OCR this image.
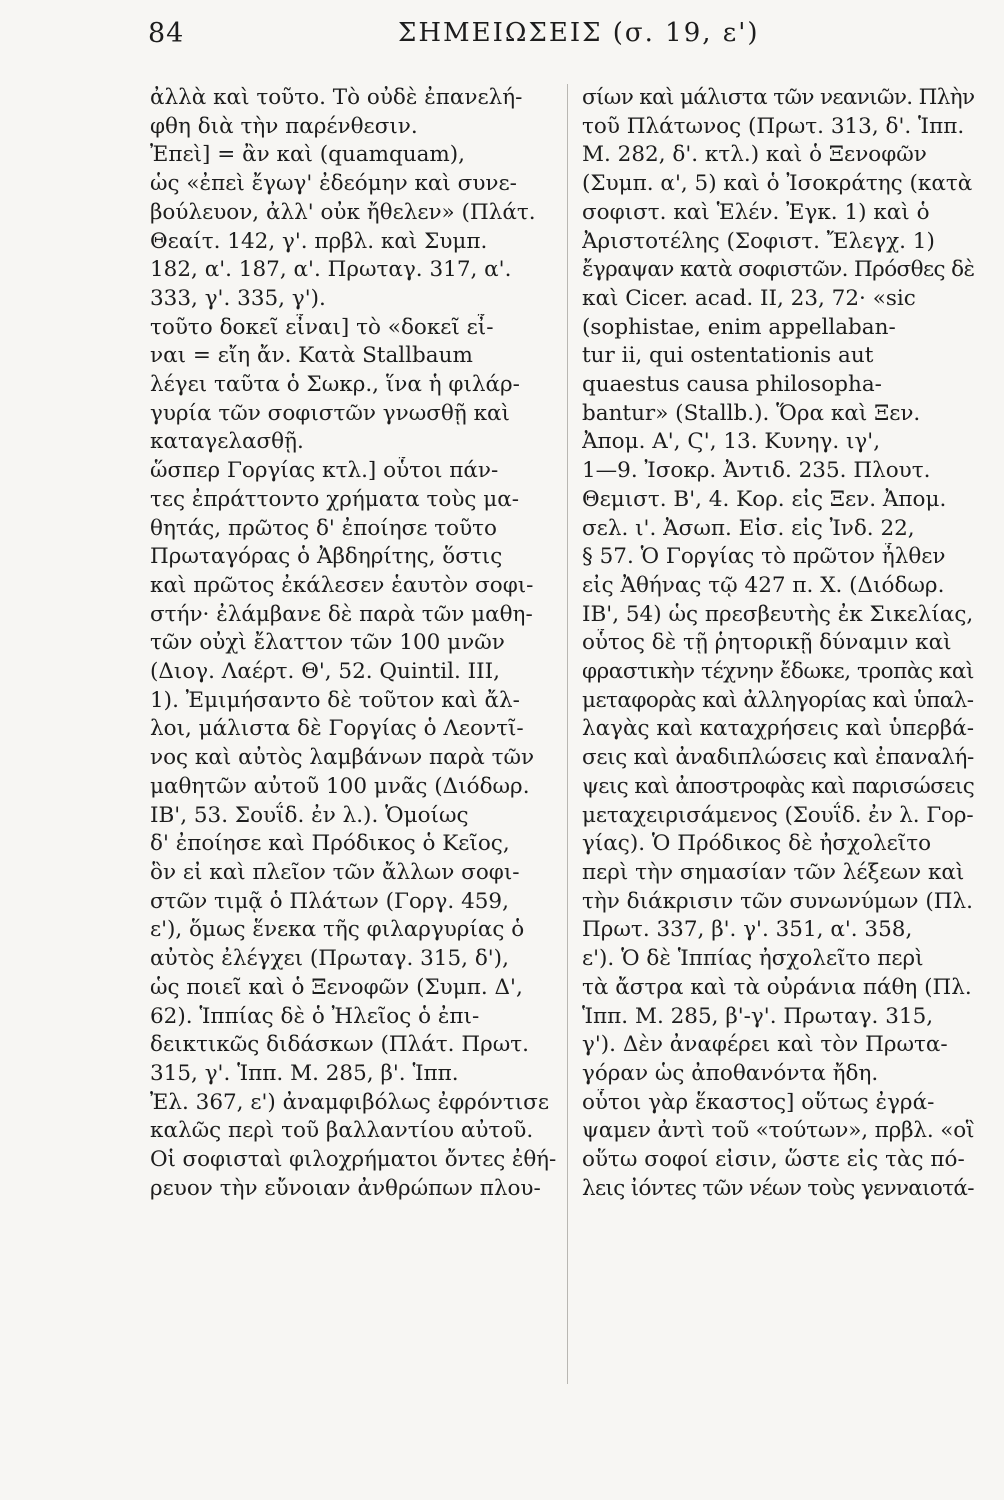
84	ΣΗΜΕΙΩΣΕΙΣ (σ. 19, ε')
ἀλλὰ καὶ τοῦτο. Τὸ οὐδὲ ἐπανελή-
φθη διὰ τὴν παρένθεσιν.
Ἐπεὶ] = ἂν καὶ (quamquam),
ὡς «ἐπεὶ ἔγωγ' ἐδεόμην καὶ συνε-
βούλευον, ἀλλ' οὐκ ἤθελεν» (Πλάτ.
Θεαίτ. 142, γ'. πρβλ. καὶ Συμπ.
182, α'. 187, α'. Πρωταγ. 317, α'.
333, γ'. 335, γ').
τοῦτο δοκεῖ εἶναι] τὸ «δοκεῖ εἶ-
ναι = εἴη ἄν. Κατὰ Stallbaum
λέγει ταῦτα ὁ Σωκρ., ἵνα ἡ φιλάρ-
γυρία τῶν σοφιστῶν γνωσθῇ καὶ
καταγελασθῇ.
ὥσπερ Γοργίας κτλ.] οὗτοι πάν-
τες ἐπράττοντο χρήματα τοὺς μα-
θητάς, πρῶτος δ' ἐποίησε τοῦτο
Πρωταγόρας ὁ Ἀβδηρίτης, ὅστις
καὶ πρῶτος ἐκάλεσεν ἑαυτὸν σοφι-
στήν· ἐλάμβανε δὲ παρὰ τῶν μαθη-
τῶν οὐχὶ ἔλαττον τῶν 100 μνῶν
(Διογ. Λαέρτ. Θ', 52. Quintil. III,
1). Ἐμιμήσαντο δὲ τοῦτον καὶ ἄλ-
λοι, μάλιστα δὲ Γοργίας ὁ Λεοντῖ-
νος καὶ αὐτὸς λαμβάνων παρὰ τῶν
μαθητῶν αὐτοῦ 100 μνᾶς (Διόδωρ.
ΙΒ', 53. Σουΐδ. ἐν λ.). Ὁμοίως
δ' ἐποίησε καὶ Πρόδικος ὁ Κεῖος,
ὃν εἰ καὶ πλεῖον τῶν ἄλλων σοφι-
στῶν τιμᾷ ὁ Πλάτων (Γοργ. 459,
ε'), ὅμως ἕνεκα τῆς φιλαργυρίας ὁ
αὐτὸς ἐλέγχει (Πρωταγ. 315, δ'),
ὡς ποιεῖ καὶ ὁ Ξενοφῶν (Συμπ. Δ',
62). Ἱππίας δὲ ὁ Ἠλεῖος ὁ ἐπι-
δεικτικῶς διδάσκων (Πλάτ. Πρωτ.
315, γ'. Ἱππ. Μ. 285, β'. Ἱππ.
Ἐλ. 367, ε') ἀναμφιβόλως ἐφρόντισε
καλῶς περὶ τοῦ βαλλαντίου αὐτοῦ.
Οἱ σοφισταὶ φιλοχρήματοι ὄντες ἐθή-
ρευον τὴν εὔνοιαν ἀνθρώπων πλου-
σίων καὶ μάλιστα τῶν νεανιῶν. Πλὴν
τοῦ Πλάτωνος (Πρωτ. 313, δ'. Ἱππ.
Μ. 282, δ'. κτλ.) καὶ ὁ Ξενοφῶν
(Συμπ. α', 5) καὶ ὁ Ἰσοκράτης (κατὰ
σοφιστ. καὶ Ἑλέν. Ἐγκ. 1) καὶ ὁ
Ἀριστοτέλης (Σοφιστ. Ἔλεγχ. 1)
ἔγραψαν κατὰ σοφιστῶν. Πρόσθες δὲ
καὶ Cicer. acad. II, 23, 72· «sic
(sophistae, enim appellaban-
tur ii, qui ostentationis aut
quaestus causa philosopha-
bantur» (Stallb.). Ὅρα καὶ Ξεν.
Ἀπομ. Α', Ϛ', 13. Κυνηγ. ιγ',
1—9. Ἰσοκρ. Ἀντιδ. 235. Πλουτ.
Θεμιστ. Β', 4. Κορ. εἰς Ξεν. Ἀπομ.
σελ. ι'. Ἀσωπ. Εἰσ. εἰς Ἰνδ. 22,
§ 57. Ὁ Γοργίας τὸ πρῶτον ἦλθεν
εἰς Ἀθήνας τῷ 427 π. Χ. (Διόδωρ.
ΙΒ', 54) ὡς πρεσβευτὴς ἐκ Σικελίας,
οὗτος δὲ τῇ ῥητορικῇ δύναμιν καὶ
φραστικὴν τέχνην ἔδωκε, τροπὰς καὶ
μεταφορὰς καὶ ἀλληγορίας καὶ ὑπαλ-
λαγὰς καὶ καταχρήσεις καὶ ὑπερβά-
σεις καὶ ἀναδιπλώσεις καὶ ἐπαναλή-
ψεις καὶ ἀποστροφὰς καὶ παρισώσεις
μεταχειρισάμενος (Σουΐδ. ἐν λ. Γορ-
γίας). Ὁ Πρόδικος δὲ ἠσχολεῖτο
περὶ τὴν σημασίαν τῶν λέξεων καὶ
τὴν διάκρισιν τῶν συνωνύμων (Πλ.
Πρωτ. 337, β'. γ'. 351, α'. 358,
ε'). Ὁ δὲ Ἱππίας ἠσχολεῖτο περὶ
τὰ ἄστρα καὶ τὰ οὐράνια πάθη (Πλ.
Ἱππ. Μ. 285, β'-γ'. Πρωταγ. 315,
γ'). Δὲν ἀναφέρει καὶ τὸν Πρωτα-
γόραν ὡς ἀποθανόντα ἤδη.
οὗτοι γὰρ ἕκαστος] οὕτως ἐγρά-
ψαμεν ἀντὶ τοῦ «τούτων», πρβλ. «οἳ
οὕτω σοφοί εἰσιν, ὥστε εἰς τὰς πό-
λεις ἰόντες τῶν νέων τοὺς γενναιοτά-
